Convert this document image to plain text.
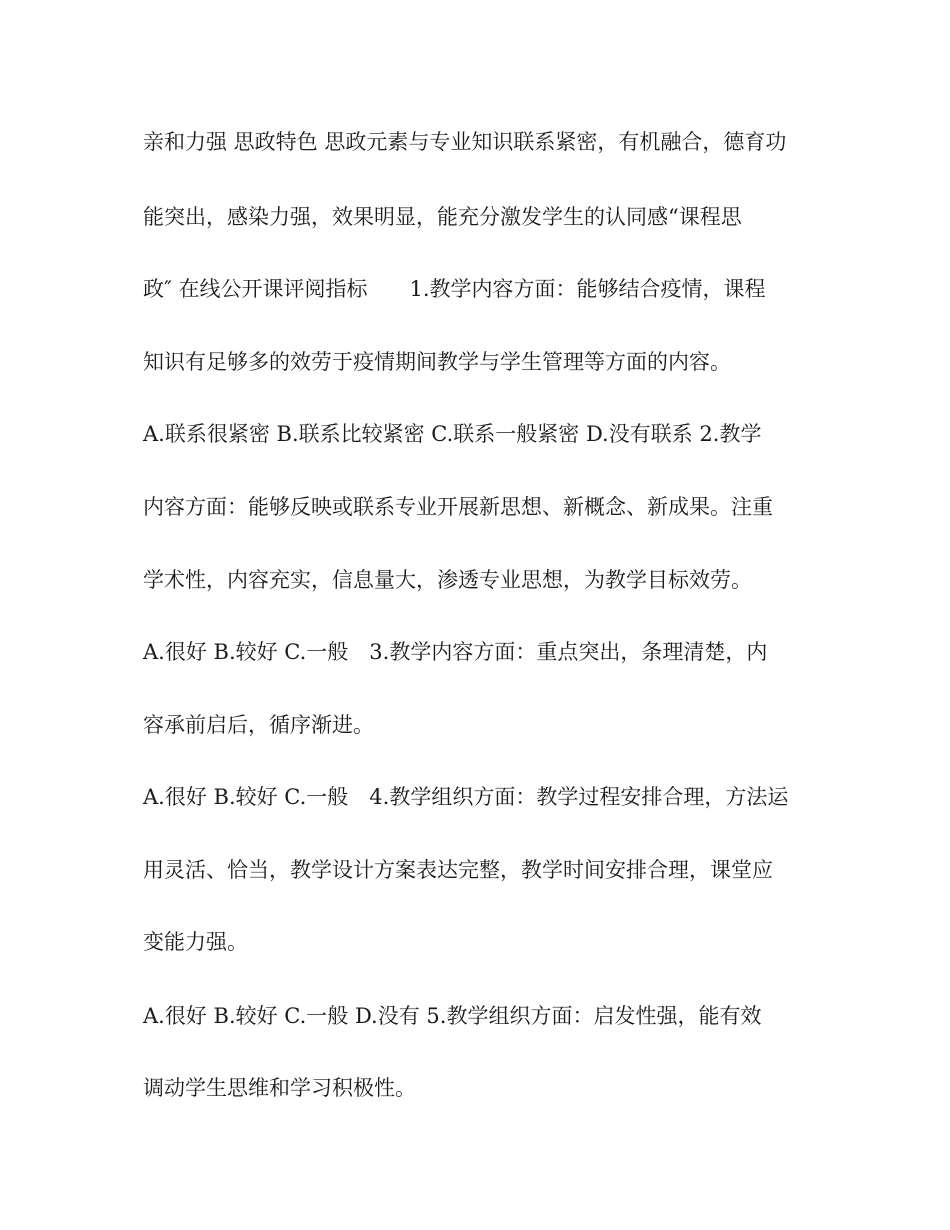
亲和力强 思政特色 思政元素与专业知识联系紧密，有机融合，德育功
能突出，感染力强，效果明显，能充分激发学生的认同感“课程思
政″ 在线公开课评阅指标　　1.教学内容方面：能够结合疫情，课程
知识有足够多的效劳于疫情期间教学与学生管理等方面的内容。
A.联系很紧密 B.联系比较紧密 C.联系一般紧密 D.没有联系 2.教学
内容方面：能够反映或联系专业开展新思想、新概念、新成果。注重
学术性，内容充实，信息量大，渗透专业思想，为教学目标效劳。
A.很好 B.较好 C.一般　3.教学内容方面：重点突出，条理清楚，内
容承前启后，循序渐进。
A.很好 B.较好 C.一般　4.教学组织方面：教学过程安排合理，方法运
用灵活、恰当，教学设计方案表达完整，教学时间安排合理，课堂应
变能力强。
A.很好 B.较好 C.一般 D.没有 5.教学组织方面：启发性强，能有效
调动学生思维和学习积极性。
